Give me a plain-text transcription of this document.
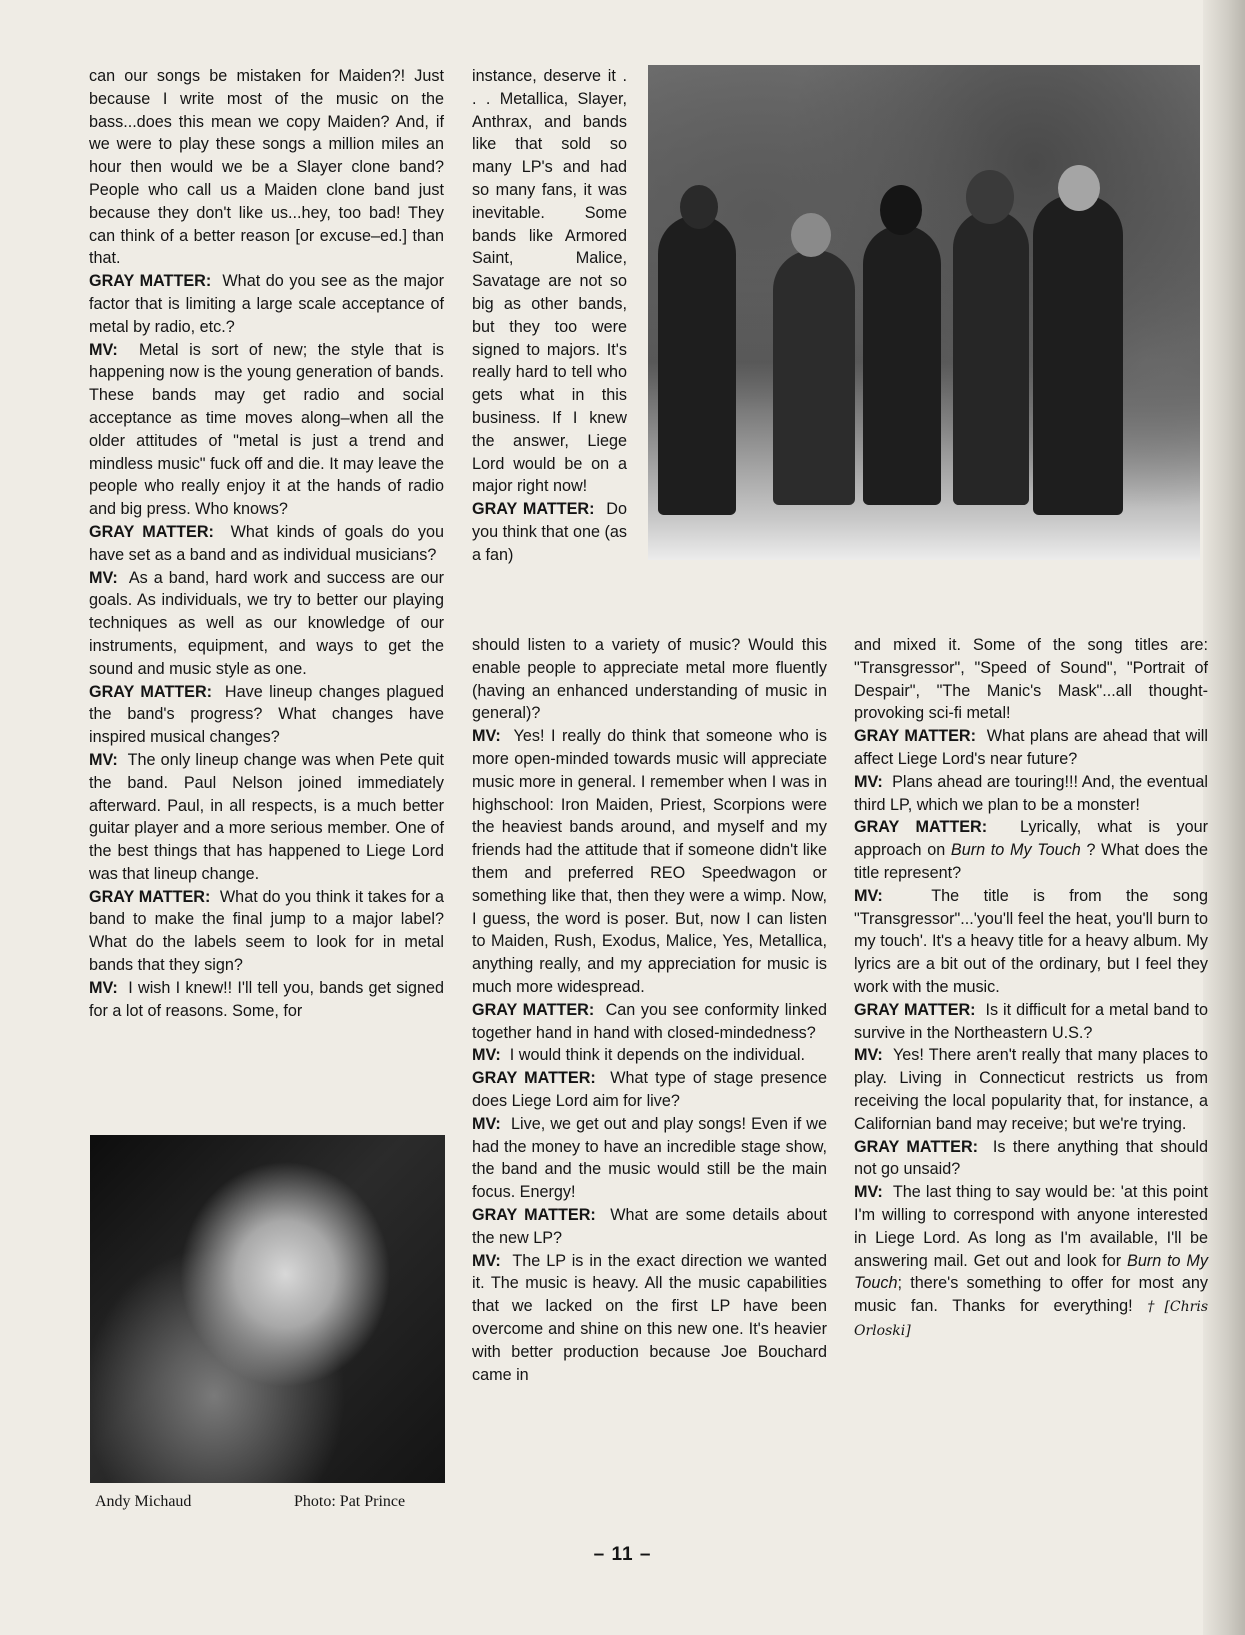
can our songs be mistaken for Maiden?! Just because I write most of the music on the bass...does this mean we copy Maiden? And, if we were to play these songs a million miles an hour then would we be a Slayer clone band? People who call us a Maiden clone band just because they don't like us...hey, too bad! They can think of a better reason [or excuse–ed.] than that.

GRAY MATTER: What do you see as the major factor that is limiting a large scale acceptance of metal by radio, etc.?

MV: Metal is sort of new; the style that is happening now is the young generation of bands. These bands may get radio and social acceptance as time moves along–when all the older attitudes of "metal is just a trend and mindless music" fuck off and die. It may leave the people who really enjoy it at the hands of radio and big press. Who knows?

GRAY MATTER: What kinds of goals do you have set as a band and as individual musicians?

MV: As a band, hard work and success are our goals. As individuals, we try to better our playing techniques as well as our knowledge of our instruments, equipment, and ways to get the sound and music style as one.

GRAY MATTER: Have lineup changes plagued the band's progress? What changes have inspired musical changes?

MV: The only lineup change was when Pete quit the band. Paul Nelson joined immediately afterward. Paul, in all respects, is a much better guitar player and a more serious member. One of the best things that has happened to Liege Lord was that lineup change.

GRAY MATTER: What do you think it takes for a band to make the final jump to a major label? What do the labels seem to look for in metal bands that they sign?

MV: I wish I knew!! I'll tell you, bands get signed for a lot of reasons. Some, for

instance, deserve it . . . Metallica, Slayer, Anthrax, and bands like that sold so many LP's and had so many fans, it was inevitable. Some bands like Armored Saint, Malice, Savatage are not so big as other bands, but they too were signed to majors. It's really hard to tell who gets what in this business. If I knew the answer, Liege Lord would be on a major right now!

GRAY MATTER: Do you think that one (as a fan)

should listen to a variety of music? Would this enable people to appreciate metal more fluently (having an enhanced understanding of music in general)?

MV: Yes! I really do think that someone who is more open-minded towards music will appreciate music more in general. I remember when I was in highschool: Iron Maiden, Priest, Scorpions were the heaviest bands around, and myself and my friends had the attitude that if someone didn't like them and preferred REO Speedwagon or something like that, then they were a wimp. Now, I guess, the word is poser. But, now I can listen to Maiden, Rush, Exodus, Malice, Yes, Metallica, anything really, and my appreciation for music is much more widespread.

GRAY MATTER: Can you see conformity linked together hand in hand with closed-mindedness?

MV: I would think it depends on the individual.

GRAY MATTER: What type of stage presence does Liege Lord aim for live?

MV: Live, we get out and play songs! Even if we had the money to have an incredible stage show, the band and the music would still be the main focus. Energy!

GRAY MATTER: What are some details about the new LP?

MV: The LP is in the exact direction we wanted it. The music is heavy. All the music capabilities that we lacked on the first LP have been overcome and shine on this new one. It's heavier with better production because Joe Bouchard came in

and mixed it. Some of the song titles are: "Transgressor", "Speed of Sound", "Portrait of Despair", "The Manic's Mask"...all thought-provoking sci-fi metal!

GRAY MATTER: What plans are ahead that will affect Liege Lord's near future?

MV: Plans ahead are touring!!! And, the eventual third LP, which we plan to be a monster!

GRAY MATTER: Lyrically, what is your approach on Burn to My Touch ? What does the title represent?

MV:	The title is from the song "Transgressor"...'you'll feel the heat, you'll burn to my touch'. It's a heavy title for a heavy album. My lyrics are a bit out of the ordinary, but I feel they work with the music.

GRAY MATTER: Is it difficult for a metal band to survive in the Northeastern U.S.?

MV: Yes! There aren't really that many places to play. Living in Connecticut restricts us from receiving the local popularity that, for instance, a Californian band may receive; but we're trying.

GRAY MATTER: Is there anything that should not go unsaid?

MV: The last thing to say would be: 'at this point I'm willing to correspond with anyone interested in Liege Lord. As long as I'm available, I'll be answering mail. Get out and look for Burn to My Touch; there's something to offer for most any music fan. Thanks for everything! †[Chris Orloski]

Andy Michaud	Photo: Pat Prince
– 11 –
